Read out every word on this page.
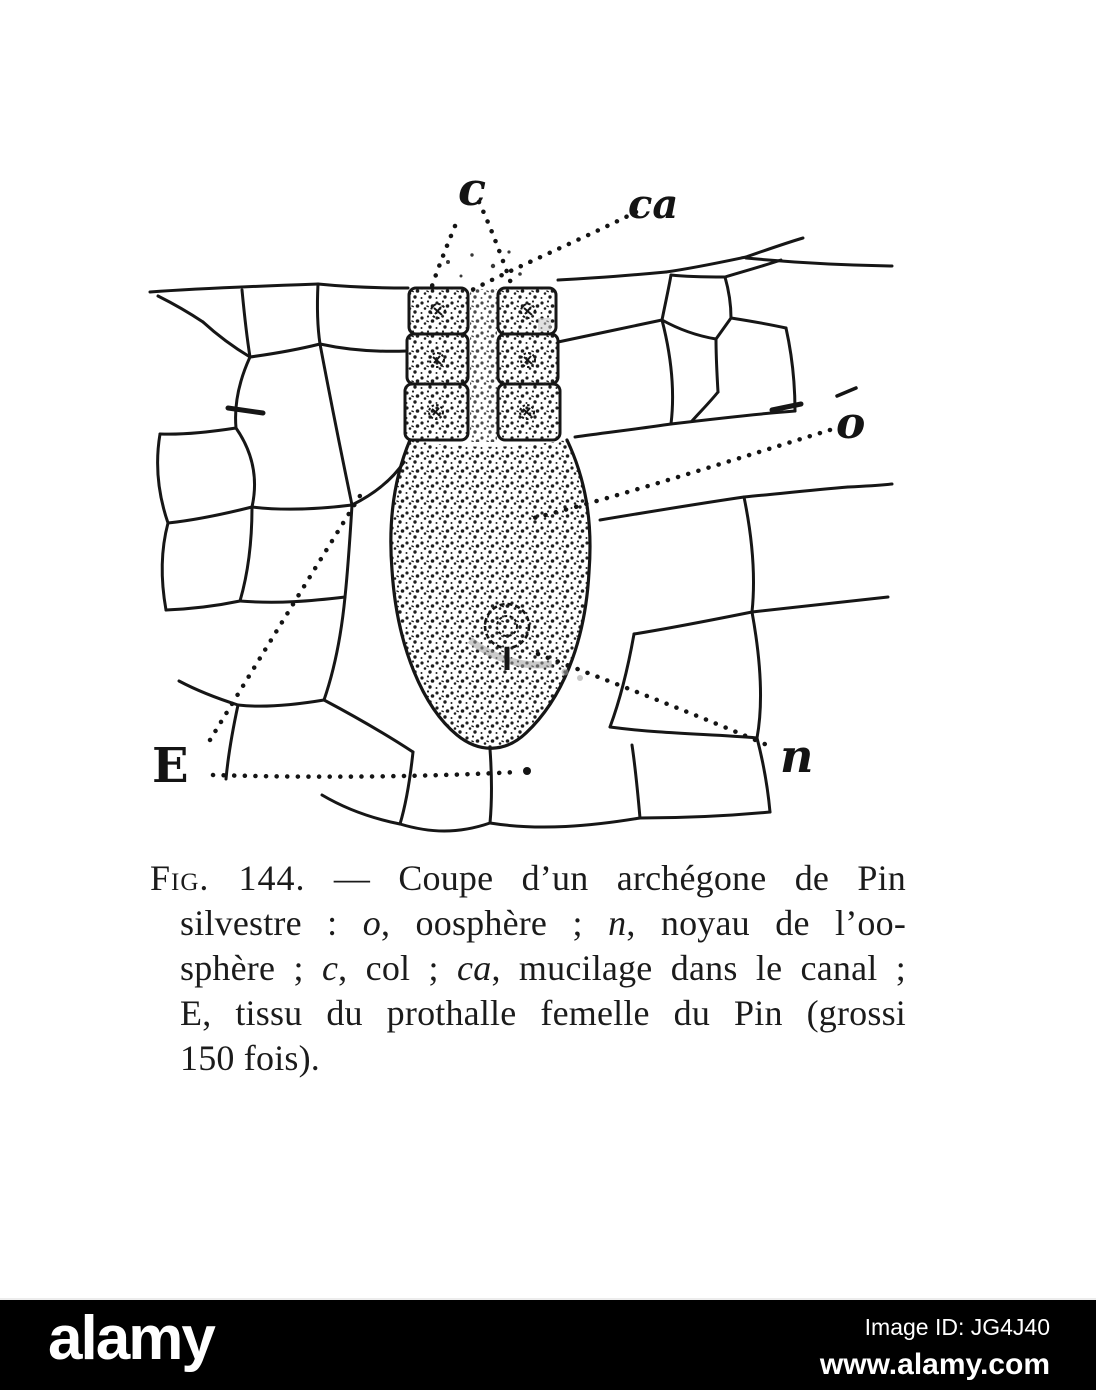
c	ca
o
n
E
Fig. 144. — Coupe d’un archégone de Pin
silvestre : o, oosphère ; n, noyau de l’oo-
sphère ; c, col ; ca, mucilage dans le canal ;
E, tissu du prothalle femelle du Pin (grossi
150 fois).
alamy	Image ID: JG4J40
www.alamy.com
